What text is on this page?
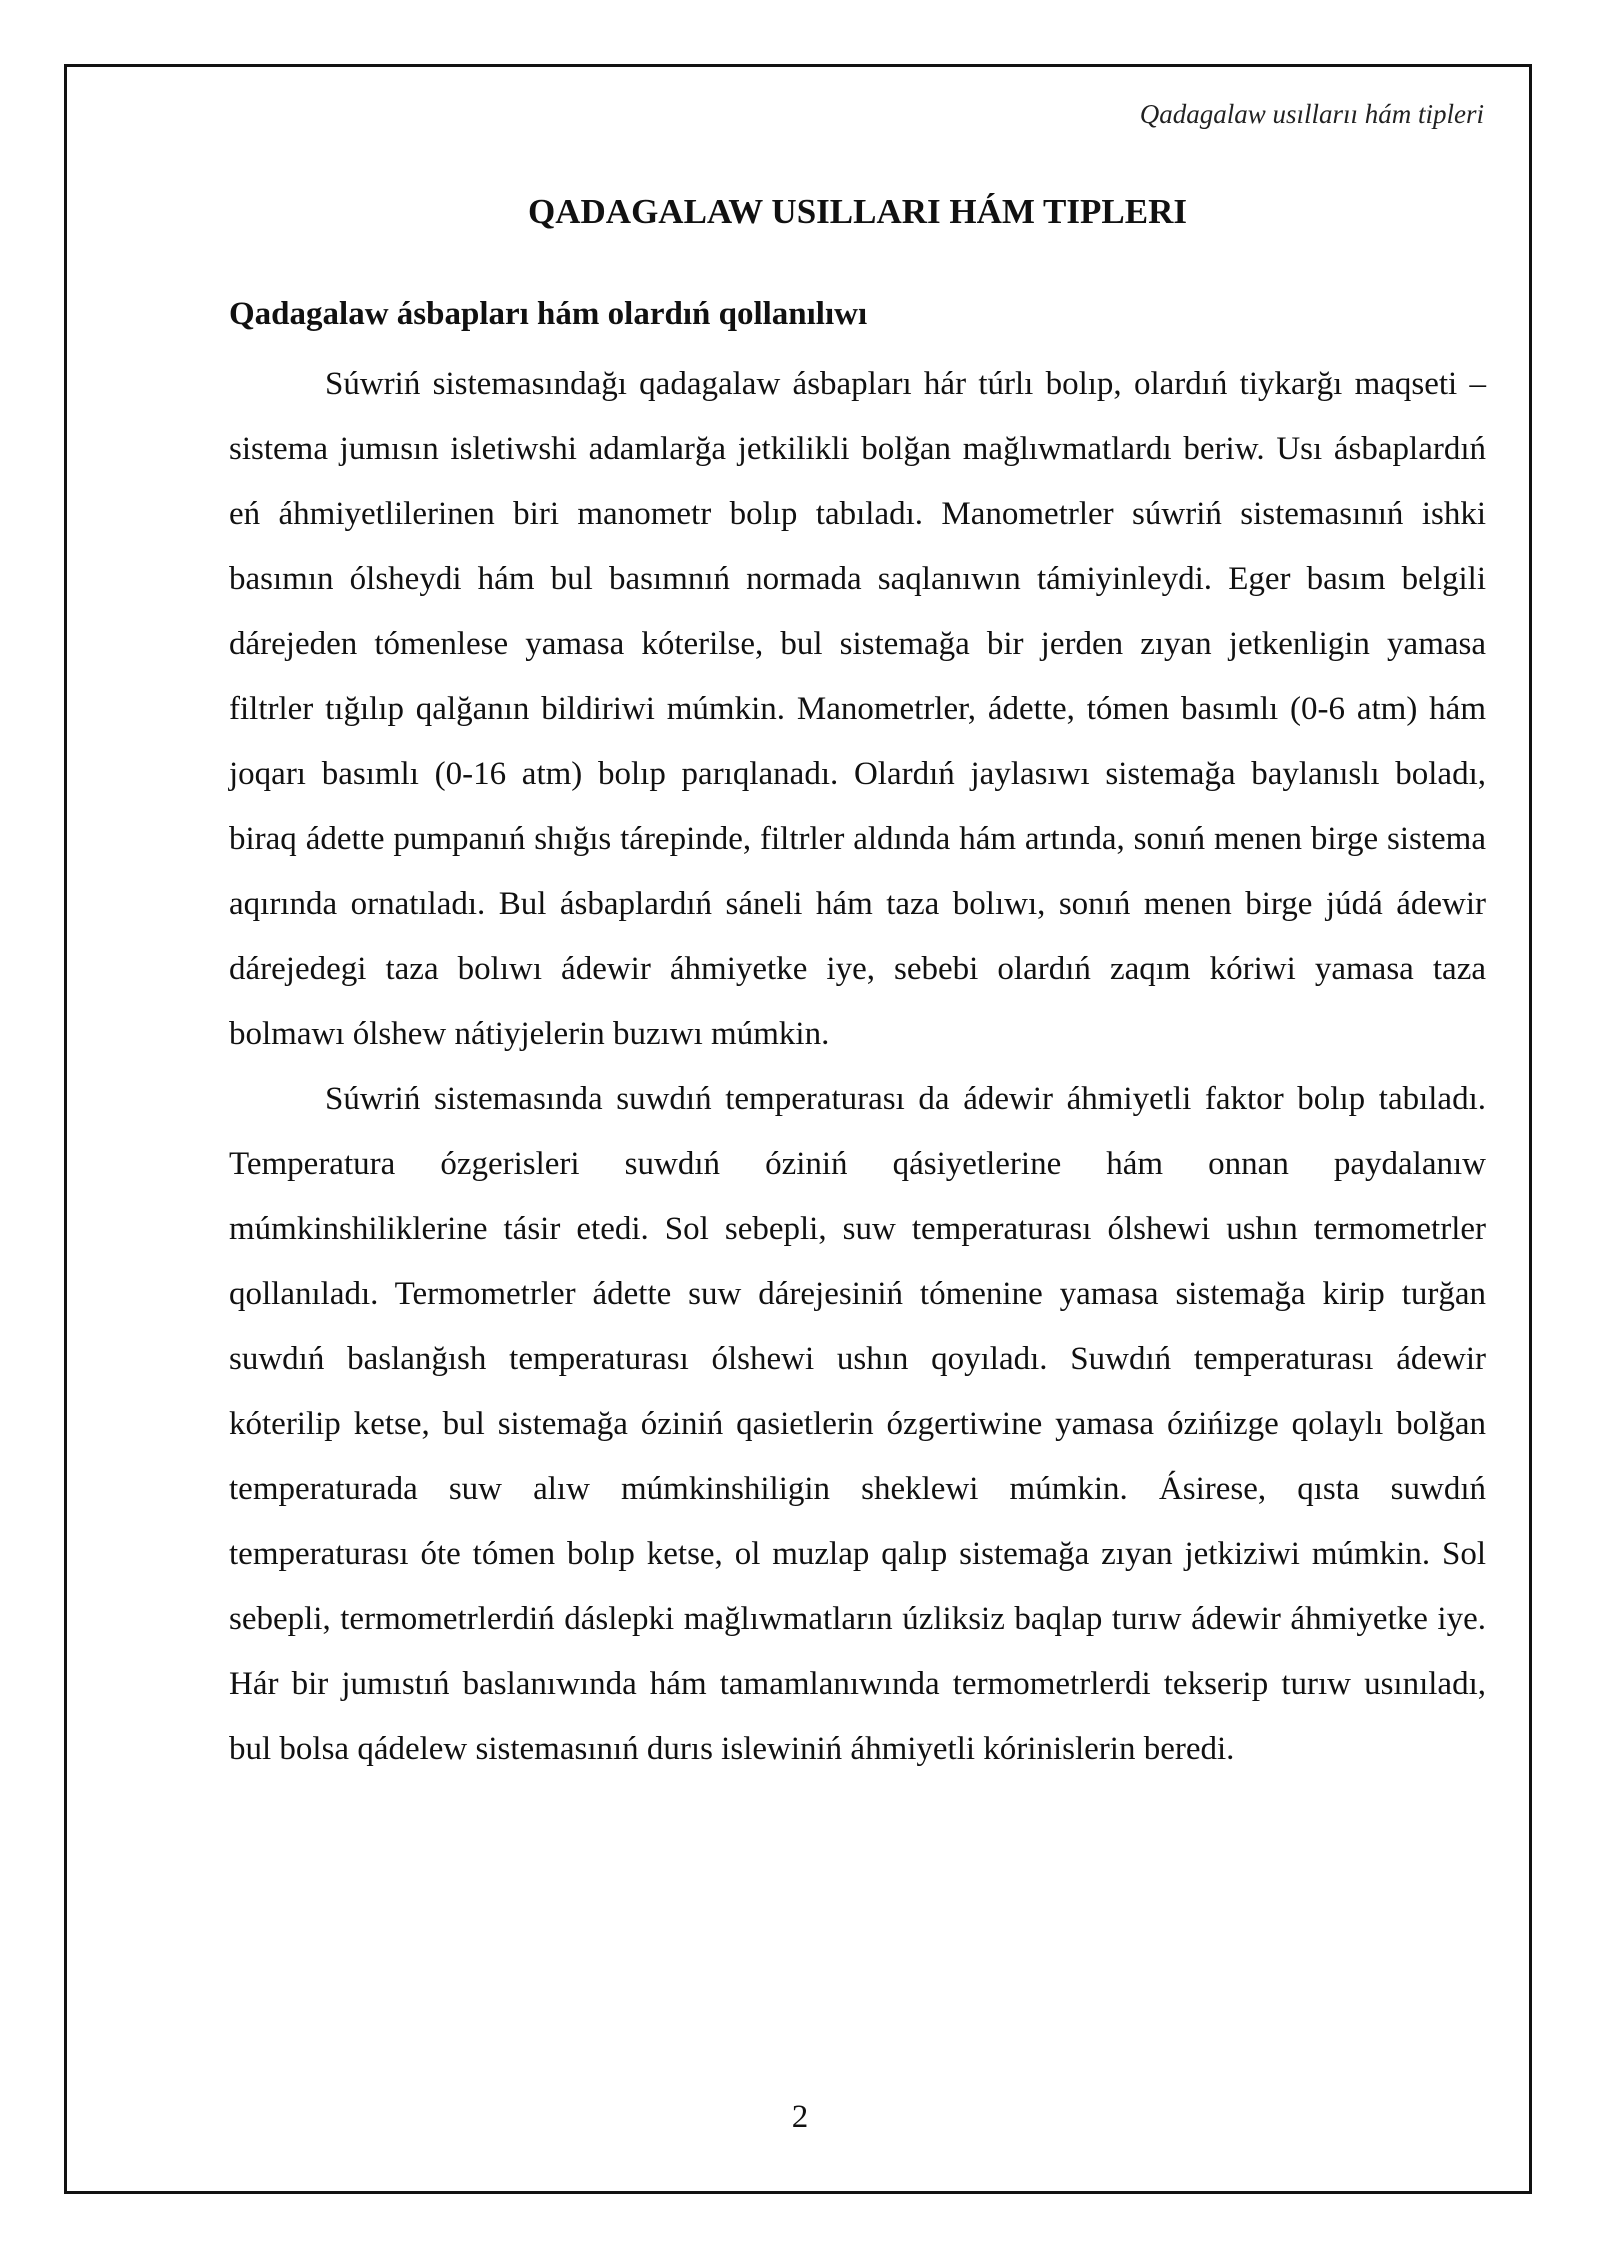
Qadagalaw usıllarıı hám tipleri
QADAGALAW USILLARI HÁM TIPLERI
Qadagalaw ásbapları hám olardıń qollanılıwı

Súwriń sistemasındağı qadagalaw ásbapları hár túrlı bolıp, olardıń tiykarğı maqseti – sistema jumısın isletiwshi adamlarğa jetkilikli bolğan mağlıwmatlardı beriw. Usı ásbaplardıń eń áhmiyetlilerinen biri manometr bolıp tabıladı. Manometrler súwriń sistemasınıń ishki basımın ólsheydi hám bul basımnıń normada saqlanıwın támiyinleydi. Eger basım belgili dárejeden tómenlese yamasa kóterilse, bul sistemağa bir jerden zıyan jetkenligin yamasa filtrler tığılıp qalğanın bildiriwi múmkin. Manometrler, ádette, tómen basımlı (0-6 atm) hám joqarı basımlı (0-16 atm) bolıp parıqlanadı. Olardıń jaylasıwı sistemağa baylanıslı boladı, biraq ádette pumpanıń shığıs tárepinde, filtrler aldında hám artında, sonıń menen birge sistema aqırında ornatıladı. Bul ásbaplardıń sáneli hám taza bolıwı, sonıń menen birge júdá ádewir dárejedegi taza bolıwı ádewir áhmiyetke iye, sebebi olardıń zaqım kóriwi yamasa taza bolmawı ólshew nátiyjelerin buzıwı múmkin.

Súwriń sistemasında suwdıń temperaturası da ádewir áhmiyetli faktor bolıp tabıladı. Temperatura ózgerisleri suwdıń óziniń qásiyetlerine hám onnan paydalanıw múmkinshiliklerine tásir etedi. Sol sebepli, suw temperaturası ólshewi ushın termometrler qollanıladı. Termometrler ádette suw dárejesiniń tómenine yamasa sistemağa kirip turğan suwdıń baslanğısh temperaturası ólshewi ushın qoyıladı. Suwdıń temperaturası ádewir kóterilip ketse, bul sistemağa óziniń qasietlerin ózgertiwine yamasa ózińizge qolaylı bolğan temperaturada suw alıw múmkinshiligin sheklewi múmkin. Ásirese, qısta suwdıń temperaturası óte tómen bolıp ketse, ol muzlap qalıp sistemağa zıyan jetkiziwi múmkin. Sol sebepli, termometrlerdiń dáslepki mağlıwmatların úzliksiz baqlap turıw ádewir áhmiyetke iye. Hár bir jumıstıń baslanıwında hám tamamlanıwında termometrlerdi tekserip turıw usınıladı, bul bolsa qádelew sistemasınıń durıs islewiniń áhmiyetli kórinislerin beredi.

2
